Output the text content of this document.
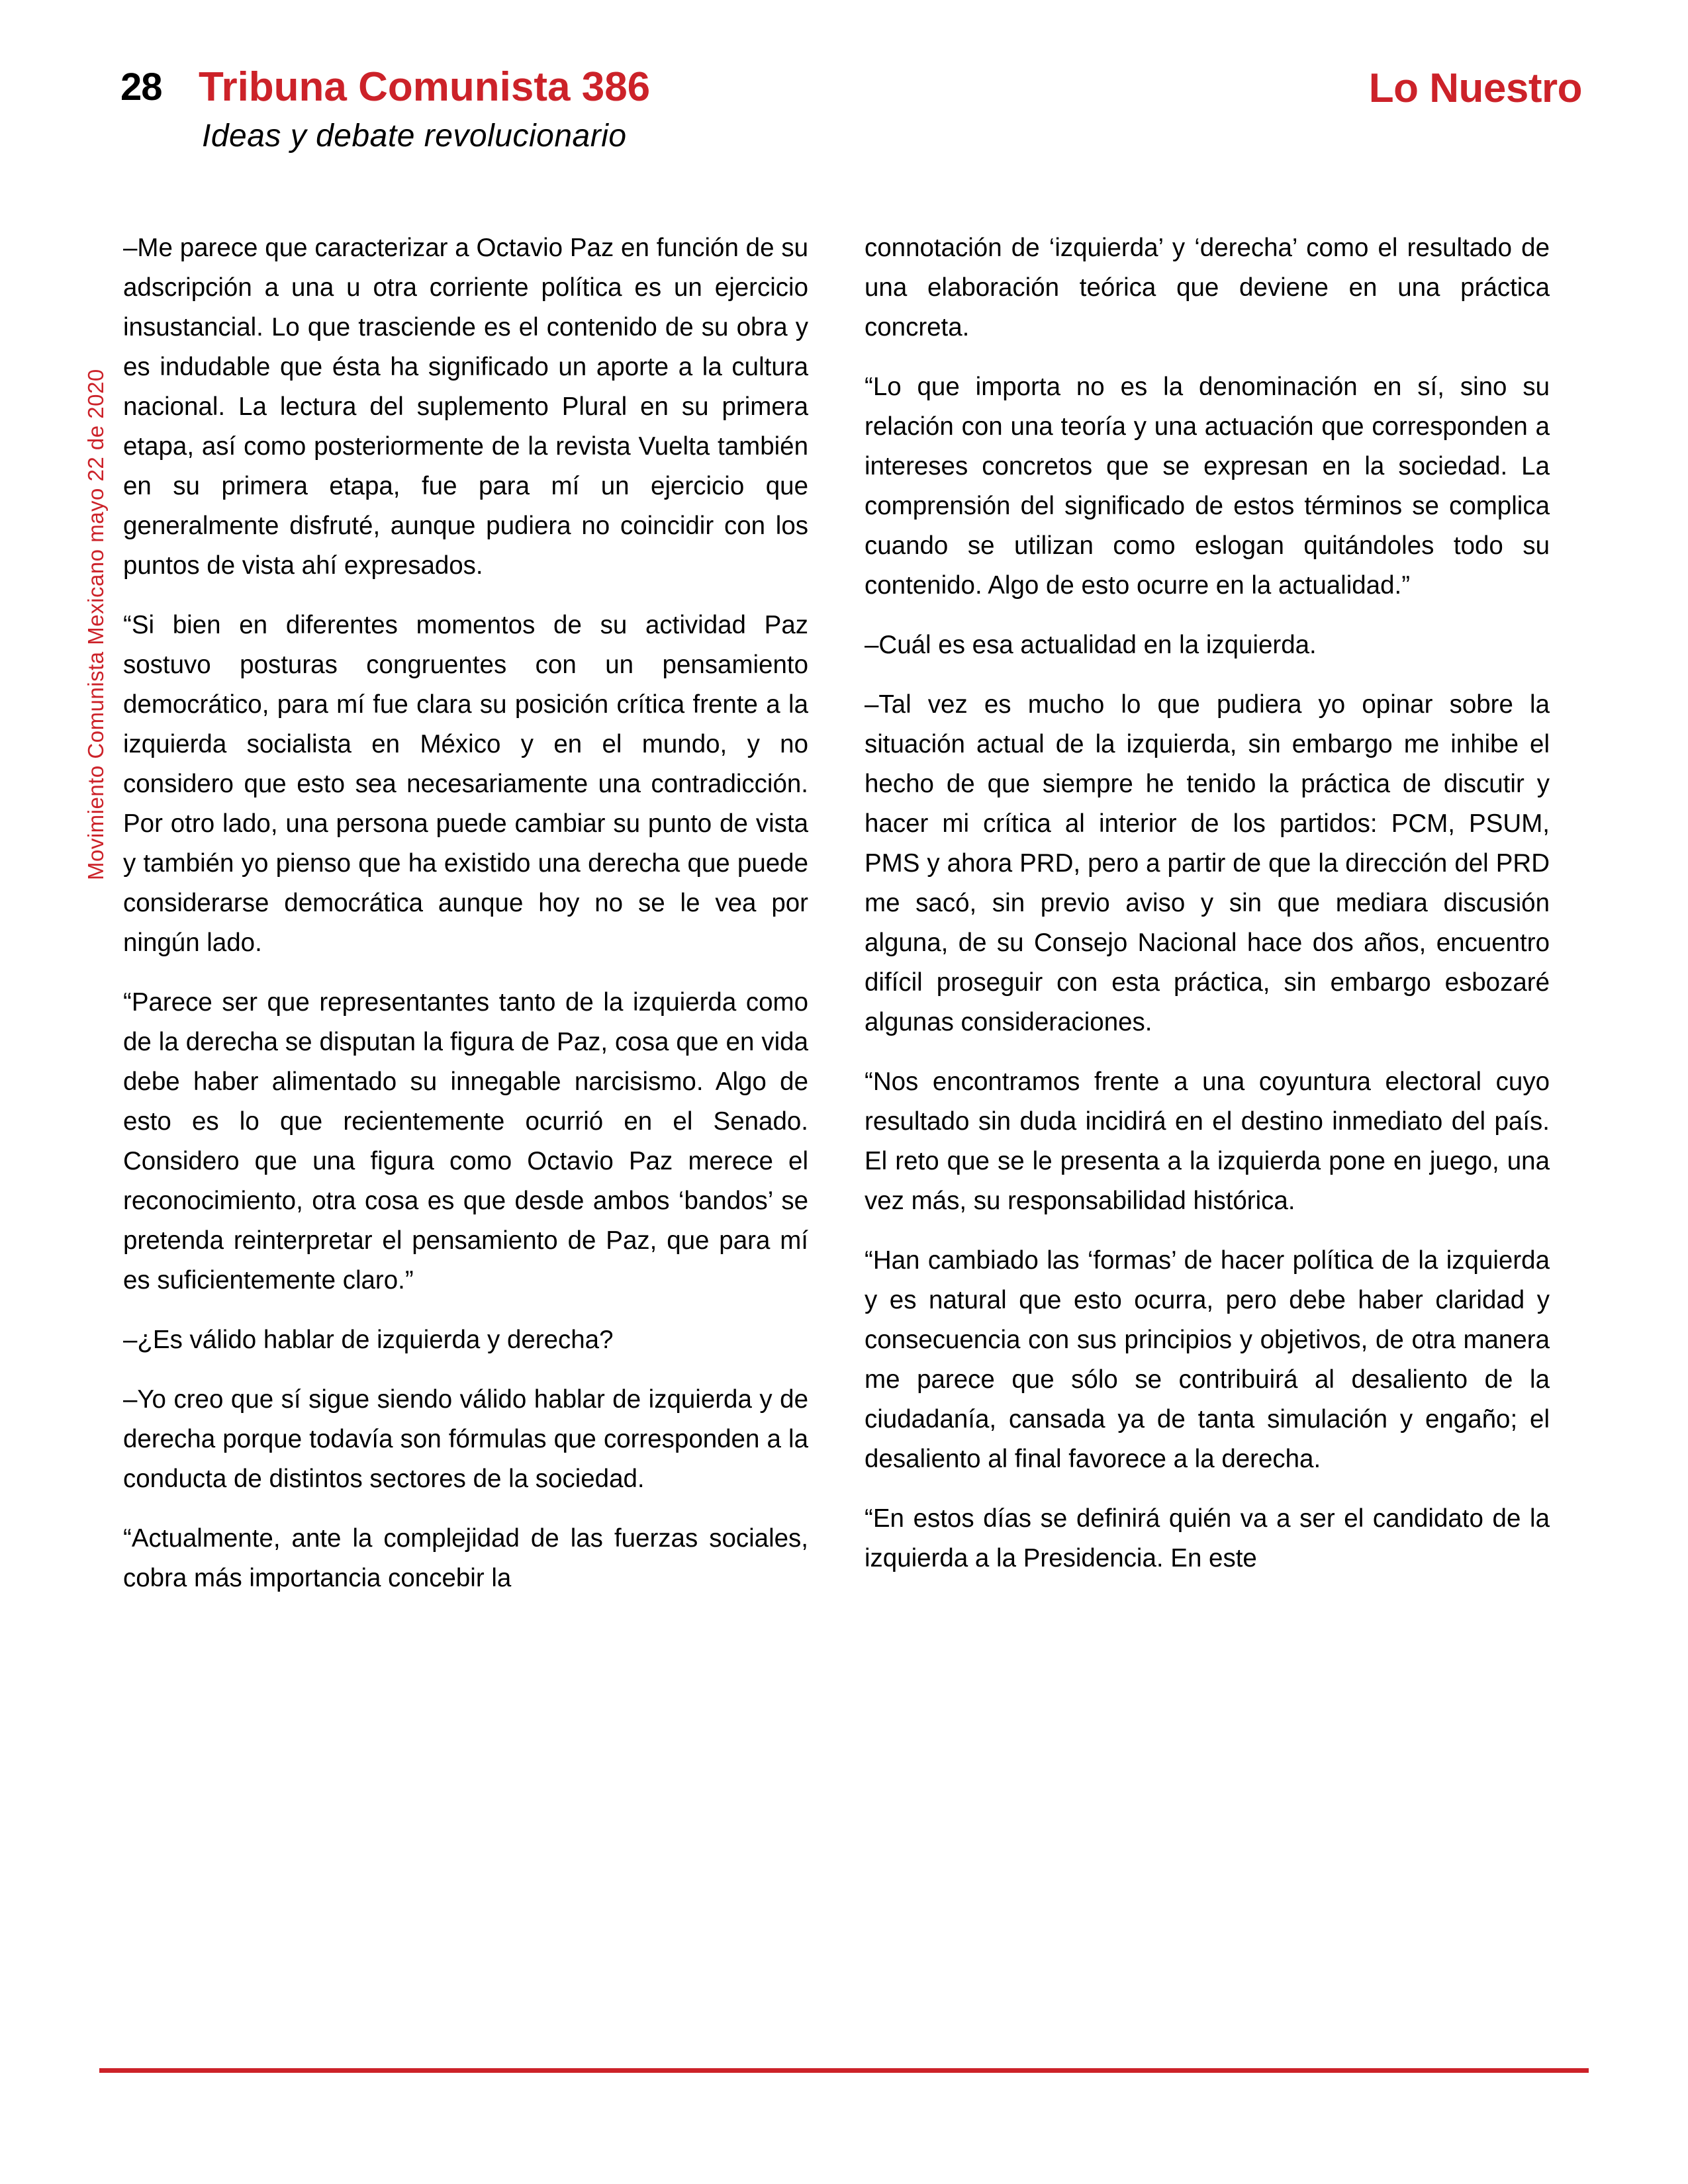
28 Tribuna Comunista 386
Ideas y debate revolucionario
Lo Nuestro
Movimiento Comunista Mexicano mayo 22 de 2020

–Me parece que caracterizar a Octavio Paz en función de su adscripción a una u otra corriente política es un ejercicio insustancial. Lo que trasciende es el contenido de su obra y es indudable que ésta ha significado un aporte a la cultura nacional. La lectura del suplemento Plural en su primera etapa, así como posteriormente de la revista Vuelta también en su primera etapa, fue para mí un ejercicio que generalmente disfruté, aunque pudiera no coincidir con los puntos de vista ahí expresados.

“Si bien en diferentes momentos de su actividad Paz sostuvo posturas congruentes con un pensamiento democrático, para mí fue clara su posición crítica frente a la izquierda socialista en México y en el mundo, y no considero que esto sea necesariamente una contradicción. Por otro lado, una persona puede cambiar su punto de vista y también yo pienso que ha existido una derecha que puede considerarse democrática aunque hoy no se le vea por ningún lado.

“Parece ser que representantes tanto de la izquierda como de la derecha se disputan la figura de Paz, cosa que en vida debe haber alimentado su innegable narcisismo. Algo de esto es lo que recientemente ocurrió en el Senado. Considero que una figura como Octavio Paz merece el reconocimiento, otra cosa es que desde ambos ‘bandos’ se pretenda reinterpretar el pensamiento de Paz, que para mí es suficientemente claro.”

–¿Es válido hablar de izquierda y derecha?

–Yo creo que sí sigue siendo válido hablar de izquierda y de derecha porque todavía son fórmulas que corresponden a la conducta de distintos sectores de la sociedad.

“Actualmente, ante la complejidad de las fuerzas sociales, cobra más importancia concebir la

connotación de ‘izquierda’ y ‘derecha’ como el resultado de una elaboración teórica que deviene en una práctica concreta.

“Lo que importa no es la denominación en sí, sino su relación con una teoría y una actuación que corresponden a intereses concretos que se expresan en la sociedad. La comprensión del significado de estos términos se complica cuando se utilizan como eslogan quitándoles todo su contenido. Algo de esto ocurre en la actualidad.”

–Cuál es esa actualidad en la izquierda.

–Tal vez es mucho lo que pudiera yo opinar sobre la situación actual de la izquierda, sin embargo me inhibe el hecho de que siempre he tenido la práctica de discutir y hacer mi crítica al interior de los partidos: PCM, PSUM, PMS y ahora PRD, pero a partir de que la dirección del PRD me sacó, sin previo aviso y sin que mediara discusión alguna, de su Consejo Nacional hace dos años, encuentro difícil proseguir con esta práctica, sin embargo esbozaré algunas consideraciones.

“Nos encontramos frente a una coyuntura electoral cuyo resultado sin duda incidirá en el destino inmediato del país. El reto que se le presenta a la izquierda pone en juego, una vez más, su responsabilidad histórica.

“Han cambiado las ‘formas’ de hacer política de la izquierda y es natural que esto ocurra, pero debe haber claridad y consecuencia con sus principios y objetivos, de otra manera me parece que sólo se contribuirá al desaliento de la ciudadanía, cansada ya de tanta simulación y engaño; el desaliento al final favorece a la derecha.

“En estos días se definirá quién va a ser el candidato de la izquierda a la Presidencia. En este
